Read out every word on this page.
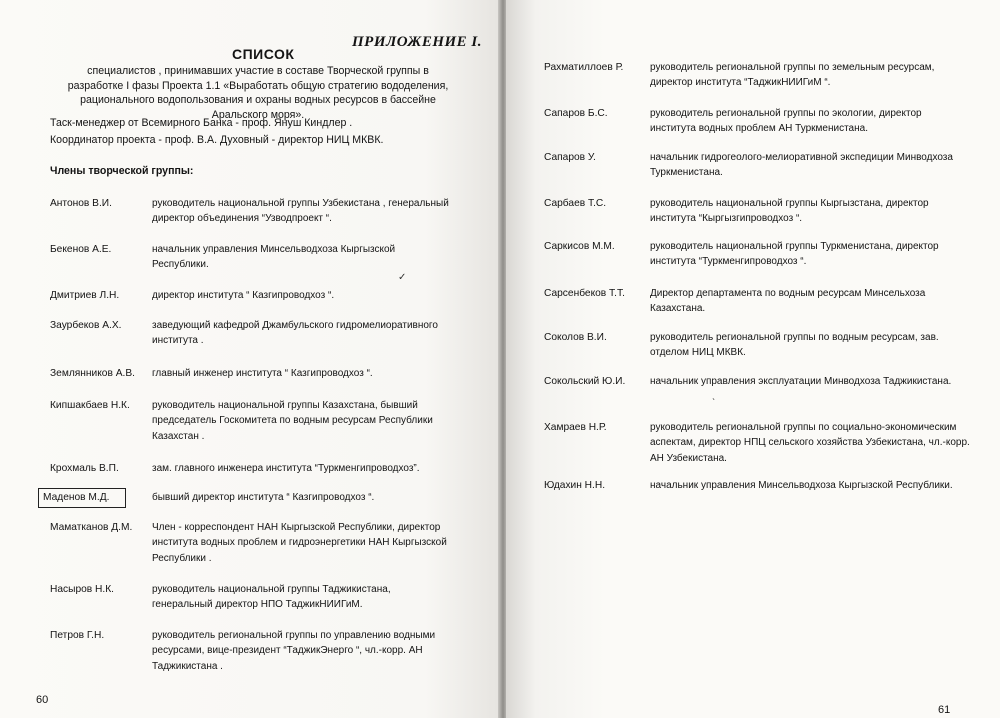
ПРИЛОЖЕНИЕ I.
СПИСОК
специалистов , принимавших участие в составе Творческой группы в разработке I фазы Проекта 1.1 «Выработать общую стратегию вододеления, рационального водопользования и охраны водных ресурсов в бассейне Аральского моря».
Таск-менеджер от Всемирного Банка - проф. Януш Киндлер .
Координатор проекта - проф. В.А. Духовный - директор НИЦ МКВК.
Члены творческой группы:
Антонов В.И.	руководитель национальной группы Узбекистана , генеральный директор объединения “Узводпроект “.
Бекенов А.Е.	начальник управления Минсельводхоза Кыргызской Республики.
Дмитриев Л.Н.	директор института “ Казгипроводхоз “.
Заурбеков А.Х.	заведующий кафедрой Джамбульского гидромелиоративного института .
Землянников А.В. главный инженер института “ Казгипроводхоз “.
Кипшакбаев Н.К. руководитель национальной группы Казахстана, бывший председатель Госкомитета по водным ресурсам Республики Казахстан .
Крохмаль В.П.	зам. главного инженера института “Туркменгипроводхоз”.
Маденов М.Д.	бывший директор института “ Казгипроводхоз “.
Маматканов Д.М. Член - корреспондент НАН Кыргызской Республики, директор института водных проблем и гидроэнергетики НАН Кыргызской Республики .
Насыров Н.К.	руководитель национальной группы Таджикистана, генеральный директор НПО ТаджикНИИГиМ.
Петров Г.Н.	руководитель региональной группы по управлению водными ресурсами, вице-президент “ТаджикЭнерго “, чл.-корр. АН Таджикистана .
✓
60
Рахматиллоев Р.	руководитель региональной группы по земельным ресурсам, директор института “ТаджикНИИГиМ “.
Сапаров Б.С.	руководитель региональной группы по экологии, директор института водных проблем АН Туркменистана.
Сапаров У.	начальник гидрогеолого-мелиоративной экспедиции Минводхоза Туркменистана.
Сарбаев Т.С.	руководитель национальной группы Кыргызстана, директор института “Кыргызгипроводхоз “.
Саркисов М.М.	руководитель национальной группы Туркменистана, директор института “Туркменгипроводхоз “.
Сарсенбеков Т.Т.	Директор департамента по водным ресурсам Минсельхоза Казахстана.
Соколов В.И.	руководитель региональной группы по водным ресурсам, зав. отделом НИЦ МКВК.
Сокольский Ю.И. начальник управления эксплуатации Минводхоза Таджикистана.
Хамраев Н.Р.	руководитель региональной группы по социально-экономическим аспектам, директор НПЦ сельского хозяйства Узбекистана, чл.-корр. АН Узбекистана.
Юдахин Н.Н.	начальник управления Минсельводхоза Кыргызской Республики.
ˋ
61
